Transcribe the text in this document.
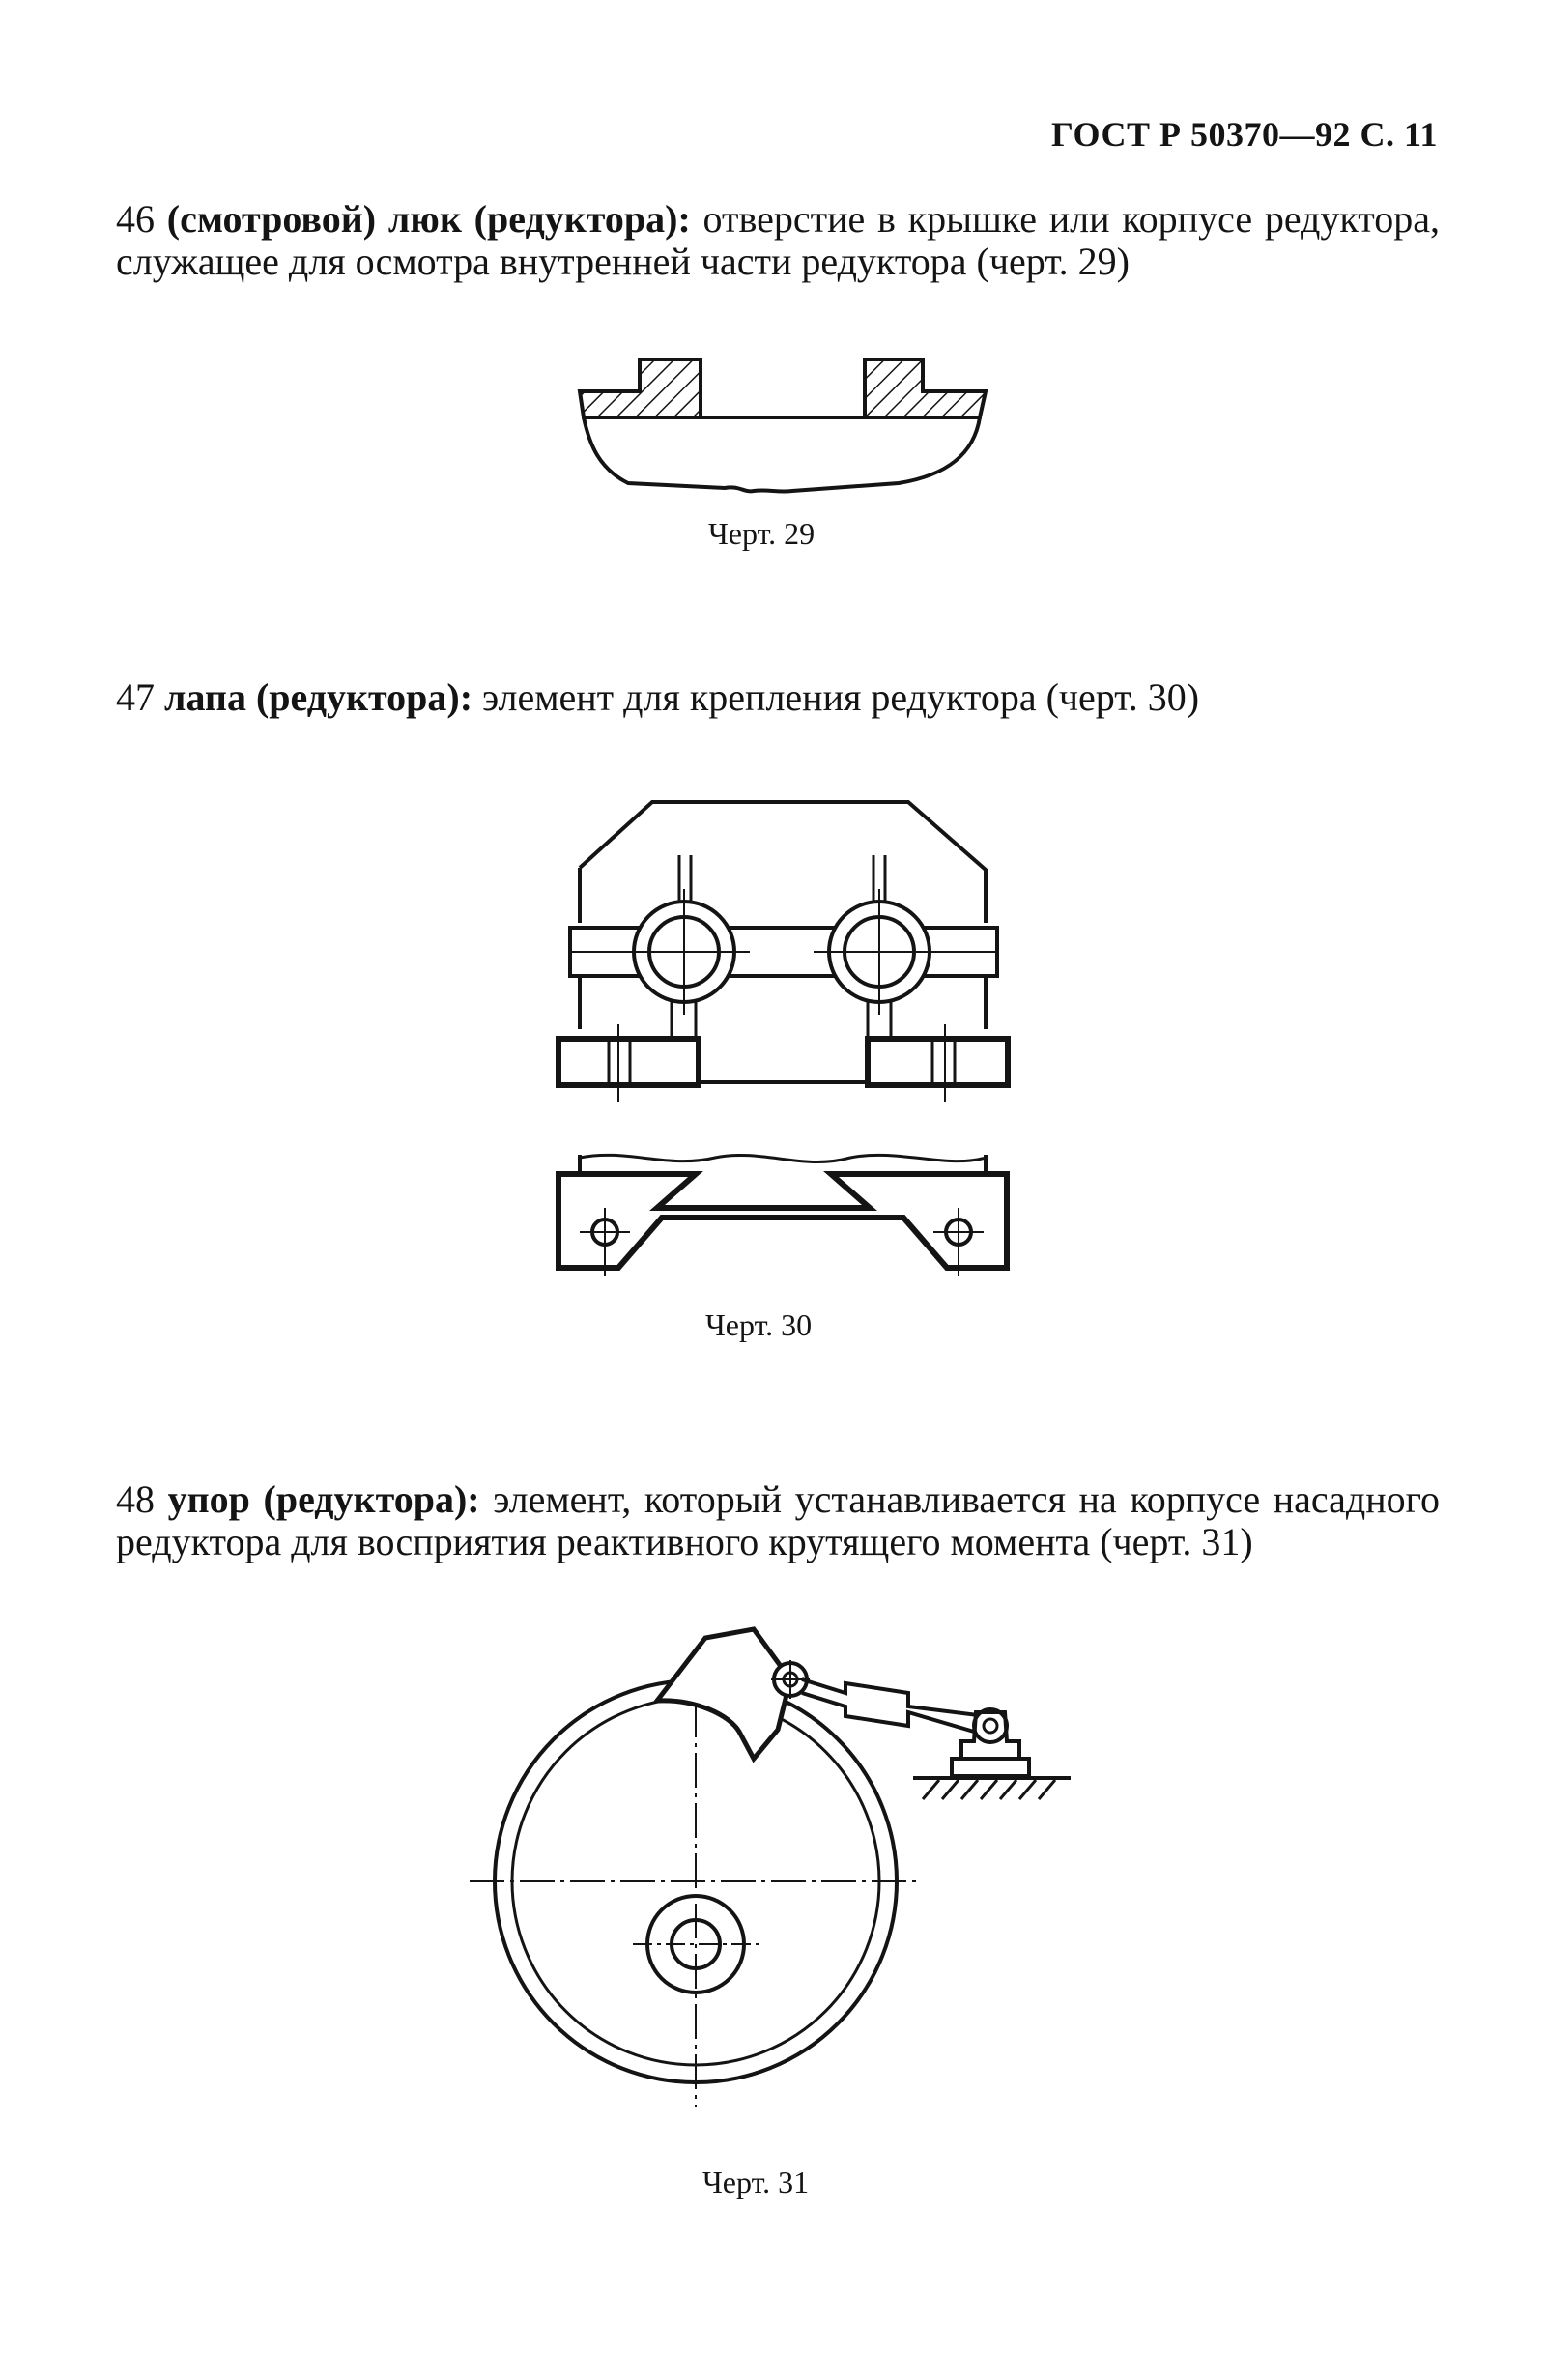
ГОСТ Р 50370—92 С. 11
46 (смотровой) люк (редуктора): отверстие в крышке или корпусе редуктора, служащее для осмотра внутренней части редуктора (черт. 29)
Черт. 29
47 лапа (редуктора): элемент для крепления редуктора (черт. 30)
Черт. 30
48 упор (редуктора): элемент, который устанавливается на корпусе насадного редуктора для восприятия реактивного крутящего момента (черт. 31)
Черт. 31
